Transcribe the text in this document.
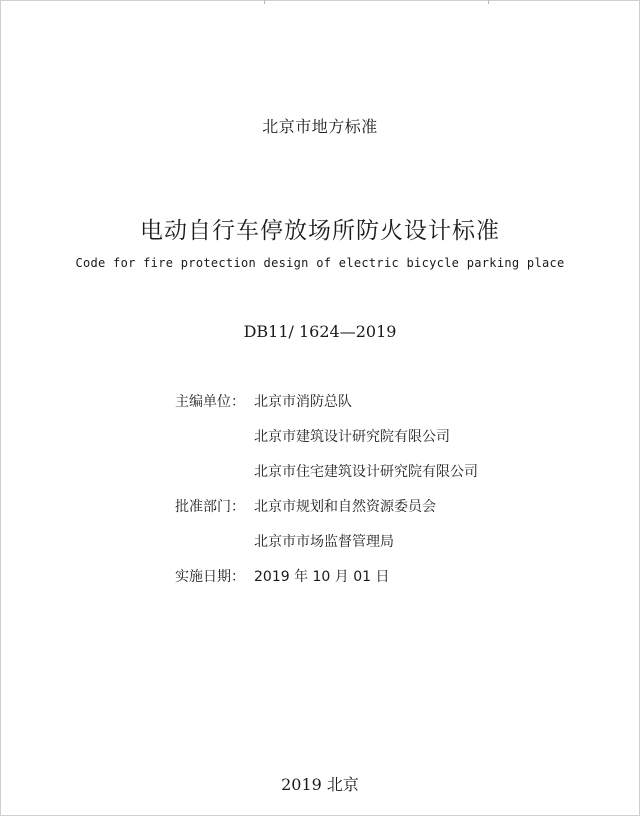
北京市地方标准
电动自行车停放场所防火设计标准
Code for fire protection design of electric bicycle parking place
DB11/ 1624—2019
主编单位： 北京市消防总队
北京市建筑设计研究院有限公司
北京市住宅建筑设计研究院有限公司
批准部门： 北京市规划和自然资源委员会
北京市市场监督管理局
实施日期： 2019 年 10 月 01 日
2019 北京
